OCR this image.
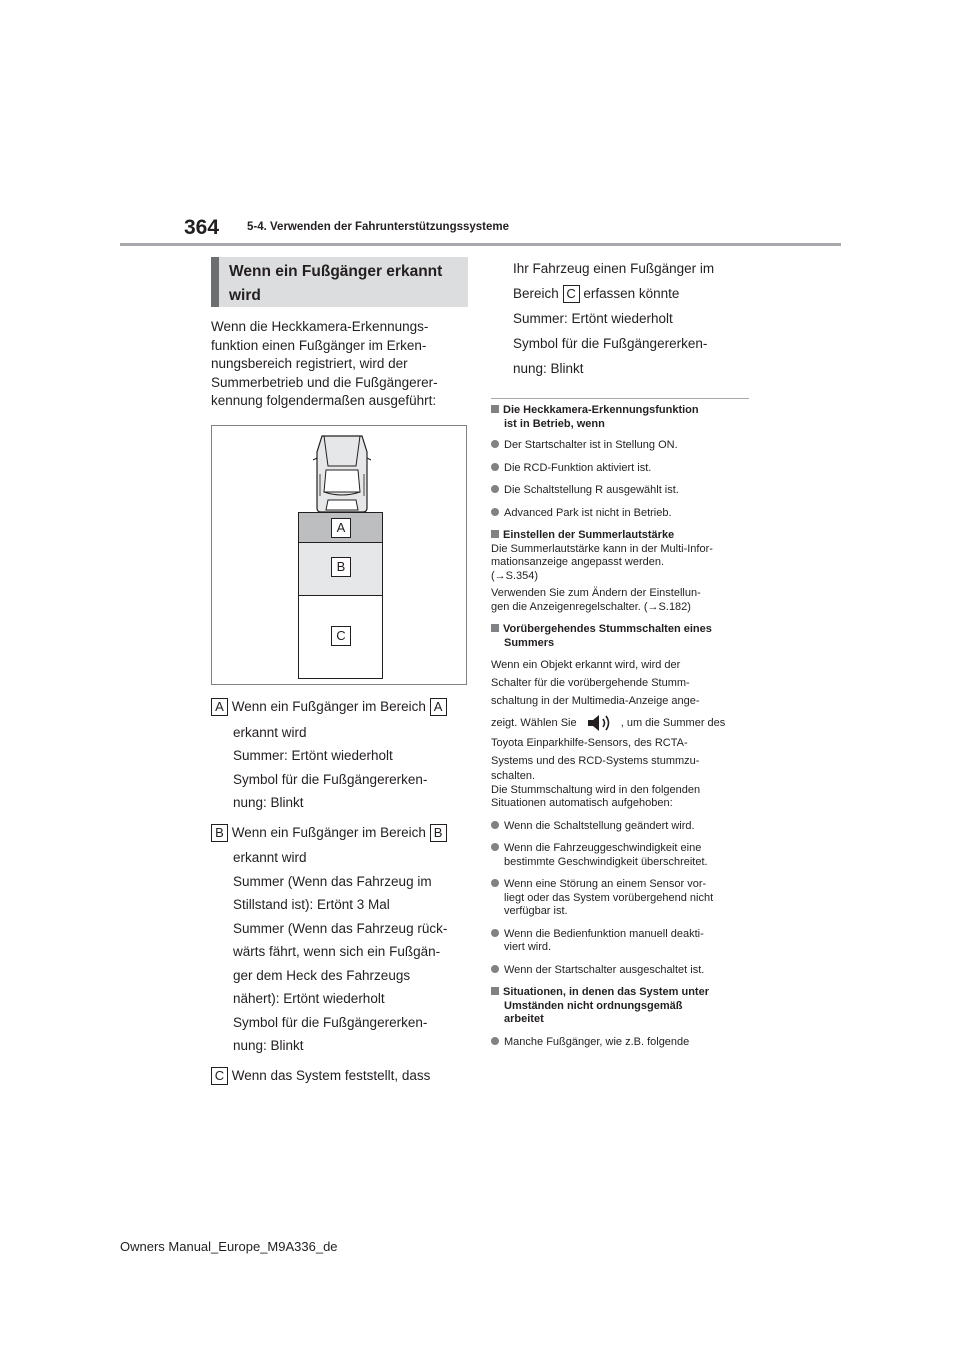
364 5-4. Verwenden der Fahrunterstützungssysteme
Wenn ein Fußgänger erkannt
wird
Wenn die Heckkamera-Erkennungs-
funktion einen Fußgänger im Erken-
nungsbereich registriert, wird der
Summerbetrieb und die Fußgängerer-
kennung folgendermaßen ausgeführt:
A
B
C
A Wenn ein Fußgänger im Bereich A
erkannt wird
Summer: Ertönt wiederholt
Symbol für die Fußgängererken-
nung: Blinkt
B Wenn ein Fußgänger im Bereich B
erkannt wird
Summer (Wenn das Fahrzeug im
Stillstand ist): Ertönt 3 Mal
Summer (Wenn das Fahrzeug rück-
wärts fährt, wenn sich ein Fußgän-
ger dem Heck des Fahrzeugs
nähert): Ertönt wiederholt
Symbol für die Fußgängererken-
nung: Blinkt
C Wenn das System feststellt, dass
Ihr Fahrzeug einen Fußgänger im
Bereich C erfassen könnte
Summer: Ertönt wiederholt
Symbol für die Fußgängererken-
nung: Blinkt
Die Heckkamera-Erkennungsfunktion
ist in Betrieb, wenn
Der Startschalter ist in Stellung ON.
Die RCD-Funktion aktiviert ist.
Die Schaltstellung R ausgewählt ist.
Advanced Park ist nicht in Betrieb.
Einstellen der Summerlautstärke
Die Summerlautstärke kann in der Multi-Infor-
mationsanzeige angepasst werden.
(→S.354)
Verwenden Sie zum Ändern der Einstellun-
gen die Anzeigenregelschalter. (→S.182)
Vorübergehendes Stummschalten eines
Summers
Wenn ein Objekt erkannt wird, wird der
Schalter für die vorübergehende Stumm-
schaltung in der Multimedia-Anzeige ange-
zeigt. Wählen Sie	, um die Summer des
Toyota Einparkhilfe-Sensors, des RCTA-
Systems und des RCD-Systems stummzu-
schalten.
Die Stummschaltung wird in den folgenden
Situationen automatisch aufgehoben:
Wenn die Schaltstellung geändert wird.
Wenn die Fahrzeuggeschwindigkeit eine
bestimmte Geschwindigkeit überschreitet.
Wenn eine Störung an einem Sensor vor-
liegt oder das System vorübergehend nicht
verfügbar ist.
Wenn die Bedienfunktion manuell deakti-
viert wird.
Wenn der Startschalter ausgeschaltet ist.
Situationen, in denen das System unter
Umständen nicht ordnungsgemäß
arbeitet
Manche Fußgänger, wie z.B. folgende
Owners Manual_Europe_M9A336_de
